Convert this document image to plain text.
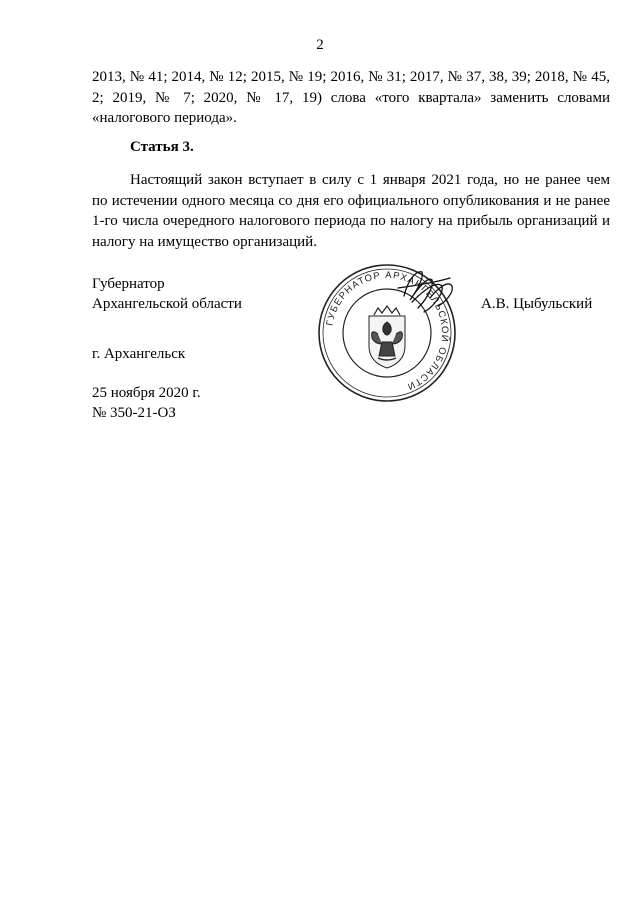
2
2013, № 41; 2014, № 12; 2015, № 19; 2016, № 31; 2017, № 37, 38, 39; 2018, № 45,
2; 2019, № 7; 2020, № 17, 19) слова «того квартала» заменить словами
«налогового периода».
Статья 3.
Настоящий закон вступает в силу с 1 января 2021 года, но не ранее чем
по истечении одного месяца со дня его официального опубликования и не ранее
1-го числа очередного налогового периода по налогу на прибыль организаций и
налогу на имущество организаций.
Губернатор
Архангельской области	А.В. Цыбульский
ГУБЕРНАТОР АРХАНГЕЛЬСКОЙ ОБЛАСТИ
г. Архангельск
25 ноября 2020 г.
№ 350-21-ОЗ
